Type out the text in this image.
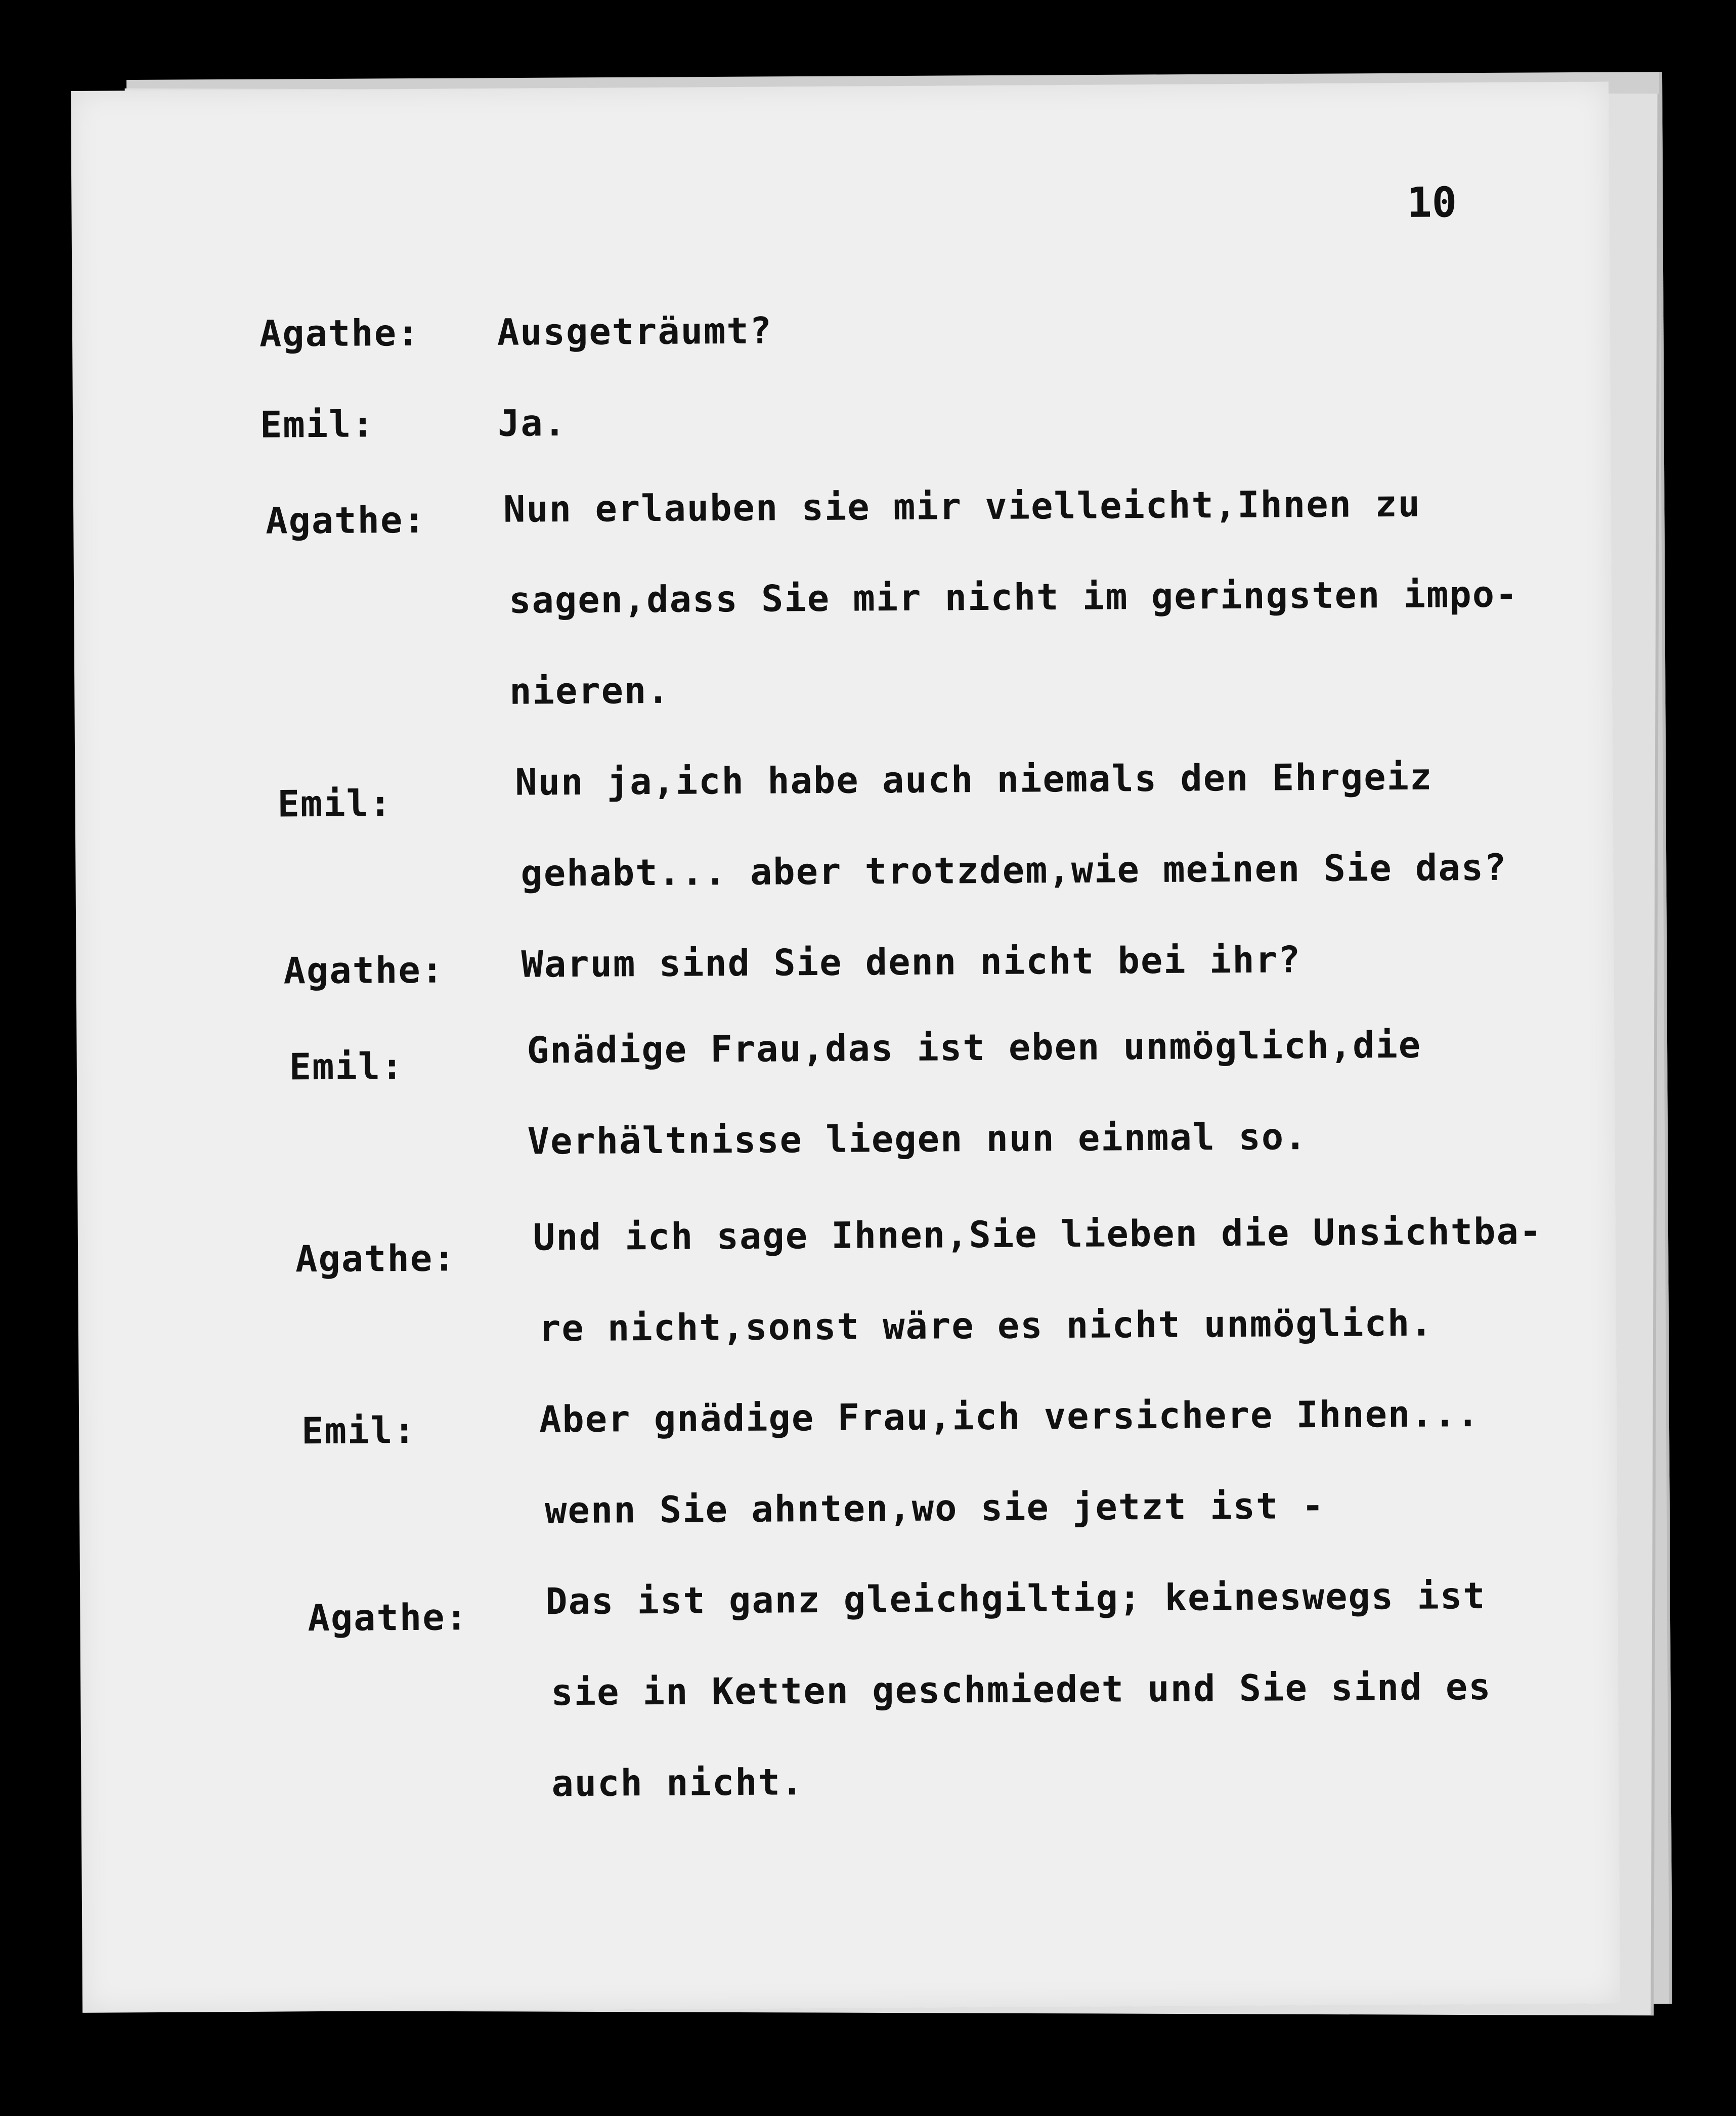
10
Agathe: Ausgeträumt?
Emil:	Ja.
Agathe: Nun erlauben sie mir vielleicht,Ihnen zu
sagen,dass Sie mir nicht im geringsten impo-
nieren.
Emil:
Nun ja,ich habe auch niemals den Ehrgeiz
gehabt... aber trotzdem,wie meinen Sie das?
Agathe: Warum sind Sie denn nicht bei ihr?
Emil:	Gnädige Frau,das ist eben unmöglich,die
Verhältnisse liegen nun einmal so.
Agathe: Und ich sage Ihnen,Sie lieben die Unsichtba-
re nicht,sonst wäre es nicht unmöglich.
Emil:	Aber gnädige Frau,ich versichere Ihnen...
wenn Sie ahnten,wo sie jetzt ist -
Agathe: Das ist ganz gleichgiltig; keineswegs ist
sie in Ketten geschmiedet und Sie sind es
auch nicht.
